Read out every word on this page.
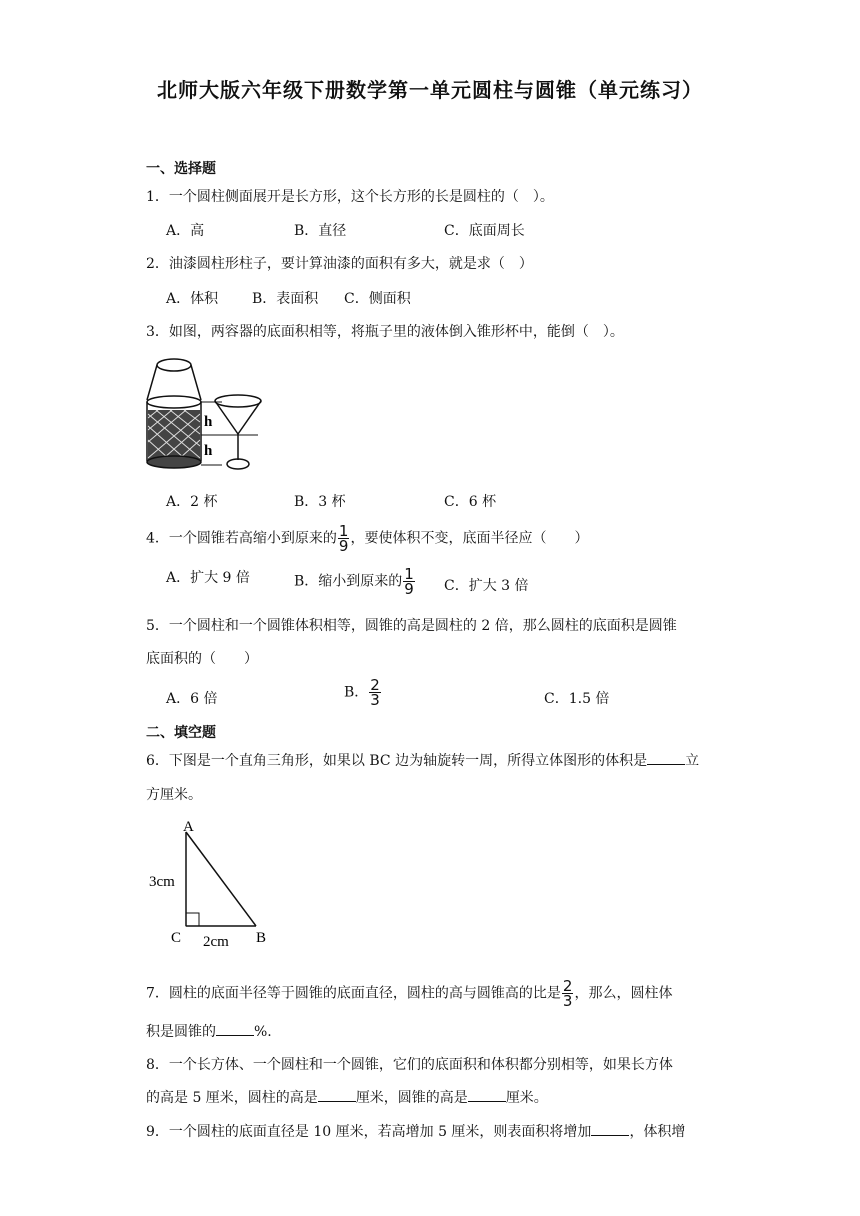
北师大版六年级下册数学第一单元圆柱与圆锥（单元练习）
一、选择题
1．一个圆柱侧面展开是长方形，这个长方形的长是圆柱的（　）。
A．高	B．直径	C．底面周长
2．油漆圆柱形柱子，要计算油漆的面积有多大，就是求（　）
A．体积 B．表面积 C．侧面积
3．如图，两容器的底面积相等，将瓶子里的液体倒入锥形杯中，能倒（　）。
h
h
A．2 杯	B．3 杯	C．6 杯
4．一个圆锥若高缩小到原来的 $\frac{1}{9}$ ，要使体积不变，底面半径应（　　）
A．扩大 9 倍	B．缩小到原来的 $\frac{1}{9}$ C．扩大 3 倍
5．一个圆柱和一个圆锥体积相等，圆锥的高是圆柱的 2 倍，那么圆柱的底面积是圆锥
底面积的（　　）
A．6 倍	B． $\frac{2}{3}$	C．1.5 倍
二、填空题
6．下图是一个直角三角形，如果以 BC 边为轴旋转一周，所得立体图形的体积是	立
方厘米。
A
C	B
3cm
2cm
7．圆柱的底面半径等于圆锥的底面直径，圆柱的高与圆锥高的比是 $\frac{2}{3}$ ，那么，圆柱体
积是圆锥的	%.
8．一个长方体、一个圆柱和一个圆锥，它们的底面积和体积都分别相等，如果长方体
的高是 5 厘米，圆柱的高是	厘米，圆锥的高是	厘米。
9．一个圆柱的底面直径是 10 厘米，若高增加 5 厘米，则表面积将增加	，体积增
